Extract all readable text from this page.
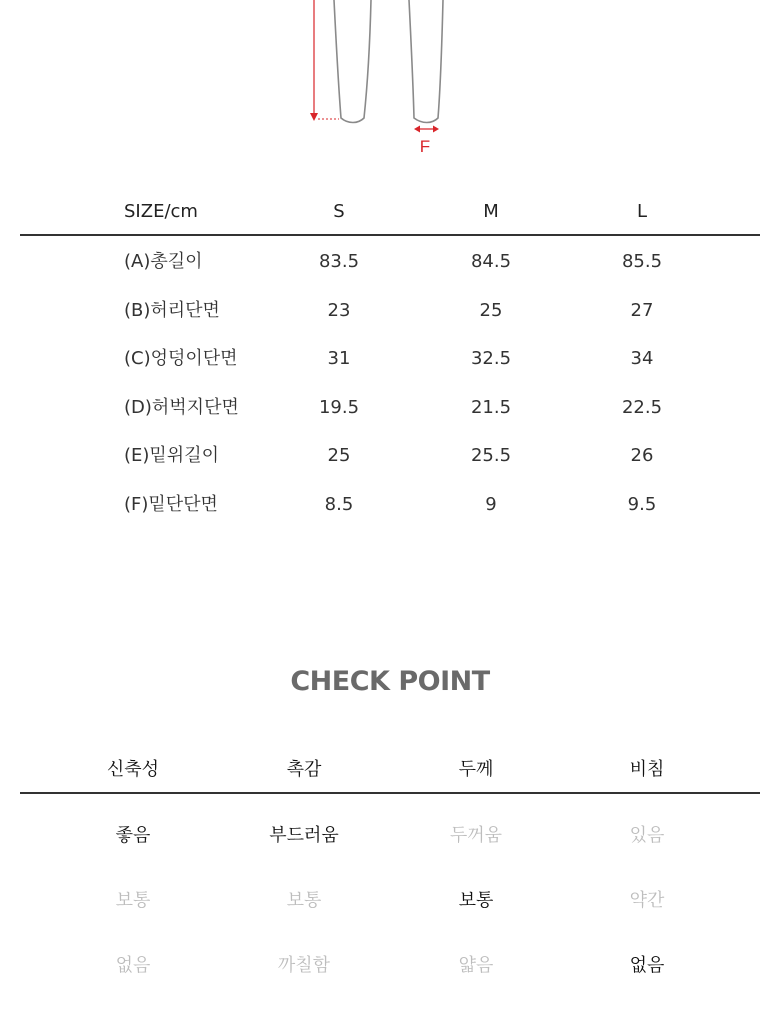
F
SIZE/cm	S	M	L
(A)총길이	83.5	84.5	85.5
(B)허리단면	23	25	27
(C)엉덩이단면	31	32.5	34
(D)허벅지단면	19.5	21.5	22.5
(E)밑위길이	25	25.5	26
(F)밑단단면	8.5	9	9.5
CHECK POINT
신축성	촉감	두께	비침
좋음	부드러움	두꺼움	있음
보통	보통	보통	약간
없음	까칠함	얇음	없음
